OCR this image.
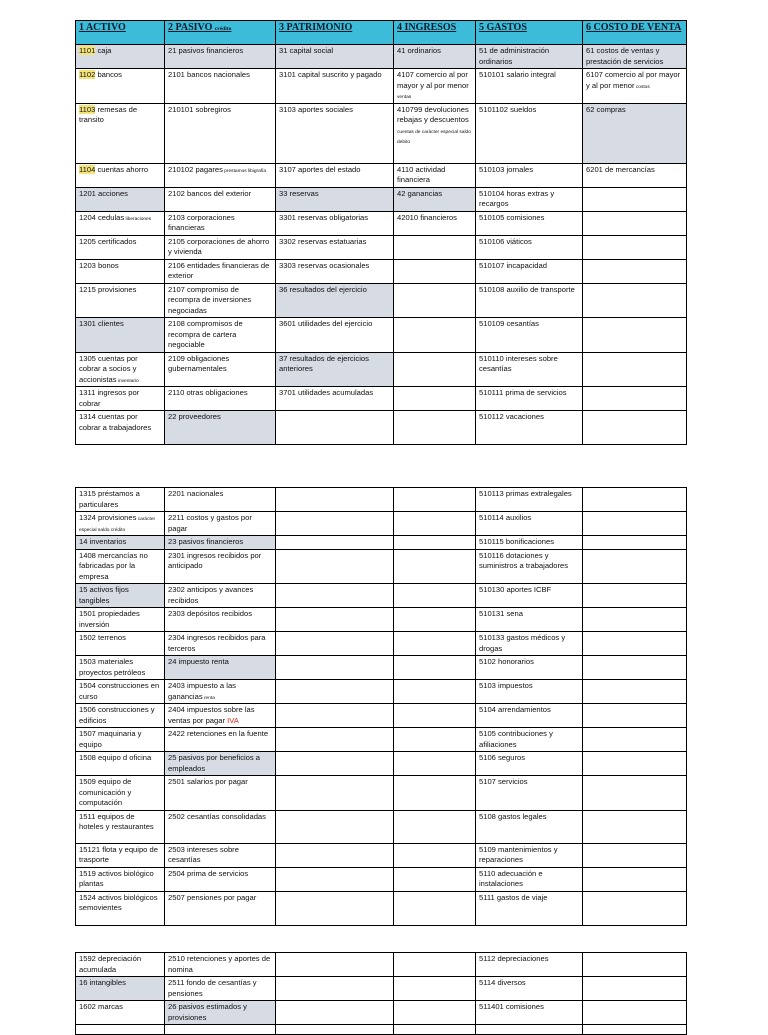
1 ACTIVO	2 PASIVO crédito	3 PATRIMONIO	4 INGRESOS	5 GASTOS	6 COSTO DE VENTA
1101 caja	21 pasivos financieros	31 capital social	41 ordinarios	51 de administración ordinarios	61 costos de ventas y prestación de servicios
1102 bancos	2101 bancos nacionales	3101 capital suscrito y pagado	4107 comercio al por mayor y al por menor ventas	510101 salario integral	6107 comercio al por mayor y al por menor costos
1103 remesas de transito	210101 sobregiros	3103 aportes sociales	410799 devoluciones rebajas y descuentos cuentas de carácter especial saldo debito	5101102 sueldos	62 compras
1104 cuentas ahorro	210102 pagares prestamos libigrafía	3107 aportes del estado	4110 actividad financiera	510103 jornales	6201 de mercancías
1201 acciones	2102 bancos del exterior	33 reservas	42 ganancias	510104 horas extras y recargos	
1204 cedulas liberaciones	2103 corporaciones financieras	3301 reservas obligatorias	42010 financieros	510105 comisiones	
1205 certificados	2105 corporaciones de ahorro y vivienda	3302 reservas estatuarias		510106 viáticos	
1203 bonos	2106 entidades financieras de exterior	3303 reservas ocasionales		510107 incapacidad	
1215 provisiones	2107 compromiso de recompra de inversiones negociadas	36 resultados del ejercicio		510108 auxilio de transporte	
1301 clientes	2108 compromisos de recompra de cartera negociable	3601 utilidades del ejercicio		510109 cesantías	
1305 cuentas por cobrar a socios y accionistas inventario	2109 obligaciones gubernamentales	37 resultados de ejercicios anteriores		510110 intereses sobre cesantías	
1311 ingresos por cobrar	2110 otras obligaciones	3701 utilidades acumuladas		510111 prima de servicios	
1314 cuentas por cobrar a trabajadores	22 proveedores			510112 vacaciones	
1315 préstamos a particulares	2201 nacionales			510113 primas extralegales	
1324 provisiones carácter especial saldo crédito	2211 costos y gastos por pagar			510114 auxilios	
14 inventarios	23 pasivos financieros			510115 bonificaciones	
1408 mercancías no fabricadas por la empresa	2301 ingresos recibidos por anticipado			510116 dotaciones y suministros a trabajadores	
15 activos fijos tangibles	2302 anticipos y avances recibidos			510130 aportes ICBF	
1501 propiedades inversión	2303 depósitos recibidos			510131 sena	
1502 terrenos	2304 ingresos recibidos para terceros			510133 gastos médicos y drogas	
1503 materiales proyectos petróleos	24 impuesto renta			5102 honorarios	
1504 construcciones en curso	2403 impuesto a las ganancias renta			5103 impuestos	
1506 construcciones y edificios	2404 impuestos sobre las ventas por pagar IVA			5104 arrendamientos	
1507 maquinaria y equipo	2422 retenciones en la fuente			5105 contribuciones y afiliaciones	
1508 equipo d oficina	25 pasivos por beneficios a empleados			5106 seguros	
1509 equipo de comunicación y computación	2501 salarios por pagar			5107 servicios	
1511 equipos de hoteles y restaurantes	2502 cesantías consolidadas			5108 gastos legales	
15121 flota y equipo de trasporte	2503 intereses sobre cesantías			5109 mantenimientos y reparaciones	
1519 activos biológico plantas	2504 prima de servicios			5110 adecuación e instalaciones	
1524 activos biológicos semovientes	2507 pensiones por pagar			5111 gastos de viaje	
1592 depreciación acumulada	2510 retenciones y aportes de nomina			5112 depreciaciones	
16 intangibles	2511 fondo de cesantías y pensiones			5114 diversos	
1602 marcas	26 pasivos estimados y provisiones			511401 comisiones	
